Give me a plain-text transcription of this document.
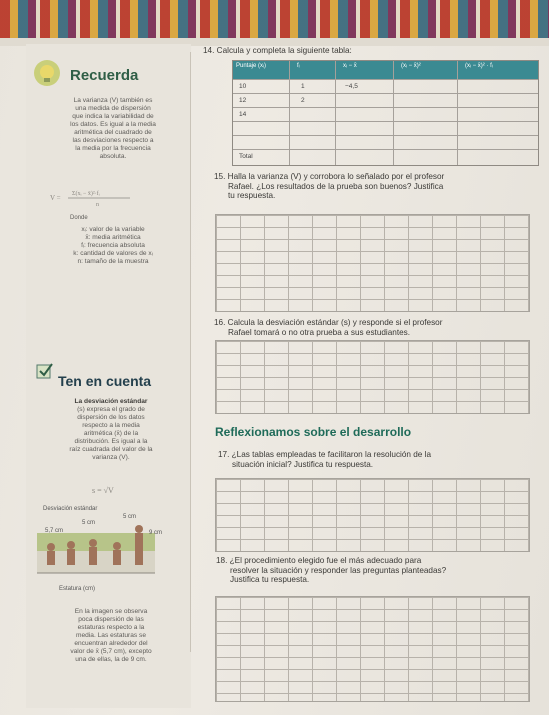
Recuerda
La varianza (V) también es
una medida de dispersión
que indica la variabilidad de
los datos. Es igual a la media
aritmética del cuadrado de
las desviaciones respecto a
la media por la frecuencia
absoluta.
V = Σ(xᵢ − x̄)²·fᵢ
n
Donde
xᵢ: valor de la variable
x̄: media aritmética
fᵢ: frecuencia absoluta
k: cantidad de valores de xᵢ
n: tamaño de la muestra
Ten en cuenta
La desviación estándar
(s) expresa el grado de
dispersión de los datos
respecto a la media
aritmética (x̄) de la
distribución. Es igual a la
raíz cuadrada del valor de la
varianza (V).
s = √V
Desviación estándar
5 cm
5 cm
5,7 cm	9 cm
Estatura (cm)
En la imagen se observa
poca dispersión de las
estaturas respecto a la
media. Las estaturas se
encuentran alrededor del
valor de x̄ (5,7 cm), excepto
una de ellas, la de 9 cm.
14. Calcula y completa la siguiente tabla:
Puntaje (xᵢ)	fᵢ	xᵢ − x̄	(xᵢ − x̄)²	(xᵢ − x̄)² · fᵢ
10	1	−4,5
12	2
14
Total
15. Halla la varianza (V) y corrobora lo señalado por el profesor
Rafael. ¿Los resultados de la prueba son buenos? Justifica
tu respuesta.
16. Calcula la desviación estándar (s) y responde si el profesor
Rafael tomará o no otra prueba a sus estudiantes.
Reflexionamos sobre el desarrollo
17. ¿Las tablas empleadas te facilitaron la resolución de la
situación inicial? Justifica tu respuesta.
18. ¿El procedimiento elegido fue el más adecuado para
resolver la situación y responder las preguntas planteadas?
Justifica tu respuesta.
